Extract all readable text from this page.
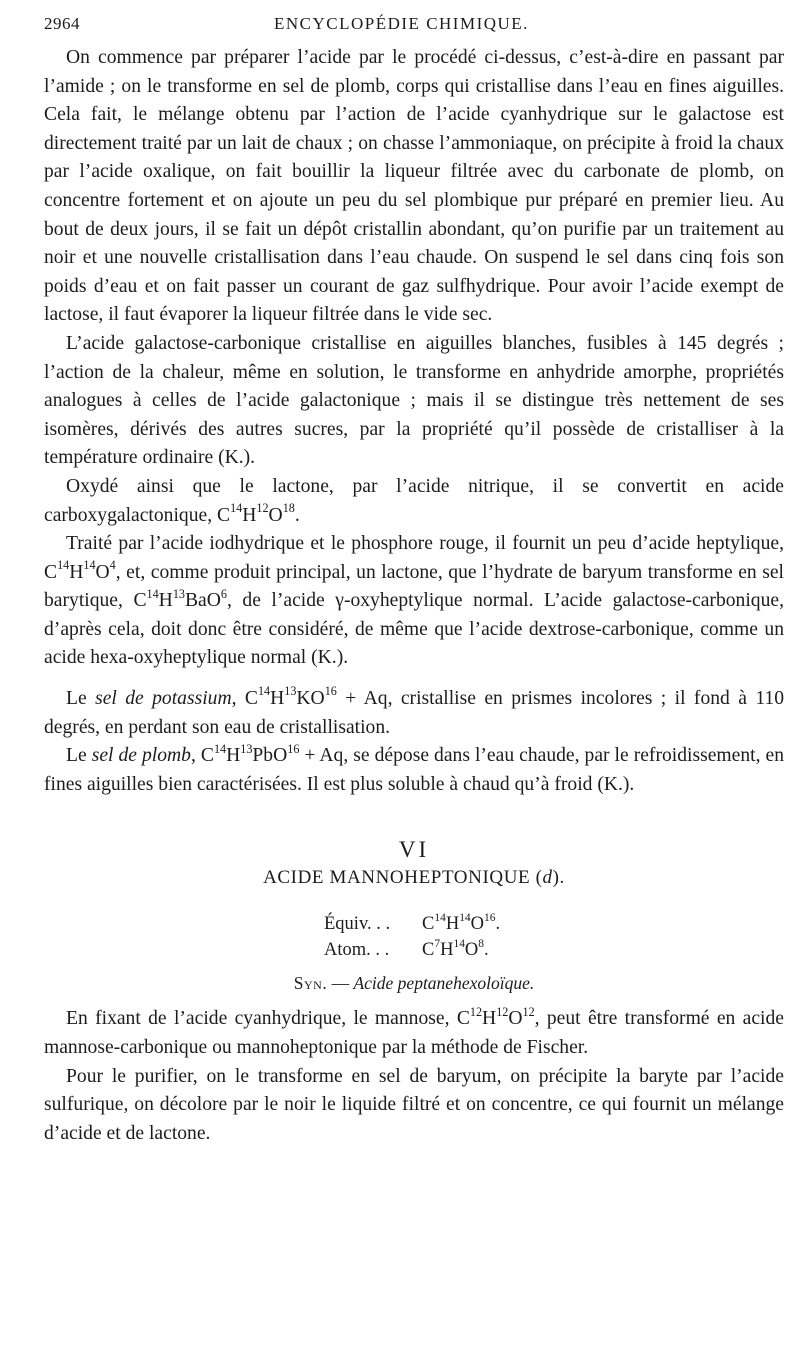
2964	ENCYCLOPÉDIE CHIMIQUE.

On commence par préparer l’acide par le procédé ci-dessus, c’est-à-dire en passant par l’amide ; on le transforme en sel de plomb, corps qui cristallise dans l’eau en fines aiguilles. Cela fait, le mélange obtenu par l’action de l’acide cyanhydrique sur le galactose est directement traité par un lait de chaux ; on chasse l’ammoniaque, on précipite à froid la chaux par l’acide oxalique, on fait bouillir la liqueur filtrée avec du carbonate de plomb, on concentre fortement et on ajoute un peu du sel plombique pur préparé en premier lieu. Au bout de deux jours, il se fait un dépôt cristallin abondant, qu’on purifie par un traitement au noir et une nouvelle cristallisation dans l’eau chaude. On suspend le sel dans cinq fois son poids d’eau et on fait passer un courant de gaz sulfhydrique. Pour avoir l’acide exempt de lactose, il faut évaporer la liqueur filtrée dans le vide sec.

L’acide galactose-carbonique cristallise en aiguilles blanches, fusibles à 145 degrés ; l’action de la chaleur, même en solution, le transforme en anhydride amorphe, propriétés analogues à celles de l’acide galactonique ; mais il se distingue très nettement de ses isomères, dérivés des autres sucres, par la propriété qu’il possède de cristalliser à la température ordinaire (K.).

Oxydé ainsi que le lactone, par l’acide nitrique, il se convertit en acide carboxygalactonique, $C^{14}H^{12}O^{18}$.

Traité par l’acide iodhydrique et le phosphore rouge, il fournit un peu d’acide heptylique, $C^{14}H^{14}O^4$, et, comme produit principal, un lactone, que l’hydrate de baryum transforme en sel barytique, $C^{14}H^{13}BaO^6$, de l’acide γ-oxyheptylique normal. L’acide galactose-carbonique, d’après cela, doit donc être considéré, de même que l’acide dextrose-carbonique, comme un acide hexa-oxyheptylique normal (K.).

Le sel de potassium, $C^{14}H^{13}KO^{16} + Aq$, cristallise en prismes incolores ; il fond à 110 degrés, en perdant son eau de cristallisation.

Le sel de plomb, $C^{14}H^{13}PbO^{16} + Aq$, se dépose dans l’eau chaude, par le refroidissement, en fines aiguilles bien caractérisées. Il est plus soluble à chaud qu’à froid (K.).

VI

ACIDE MANNOHEPTONIQUE (d).

Équiv. . . $C^{14}H^{14}O^{16}$.
Atom. . . $C^7H^{14}O^8$.

Syn. — Acide peptanehexoloïque.

En fixant de l’acide cyanhydrique, le mannose, $C^{12}H^{12}O^{12}$, peut être transformé en acide mannose-carbonique ou mannoheptonique par la méthode de Fischer.

Pour le purifier, on le transforme en sel de baryum, on précipite la baryte par l’acide sulfurique, on décolore par le noir le liquide filtré et on concentre, ce qui fournit un mélange d’acide et de lactone.
